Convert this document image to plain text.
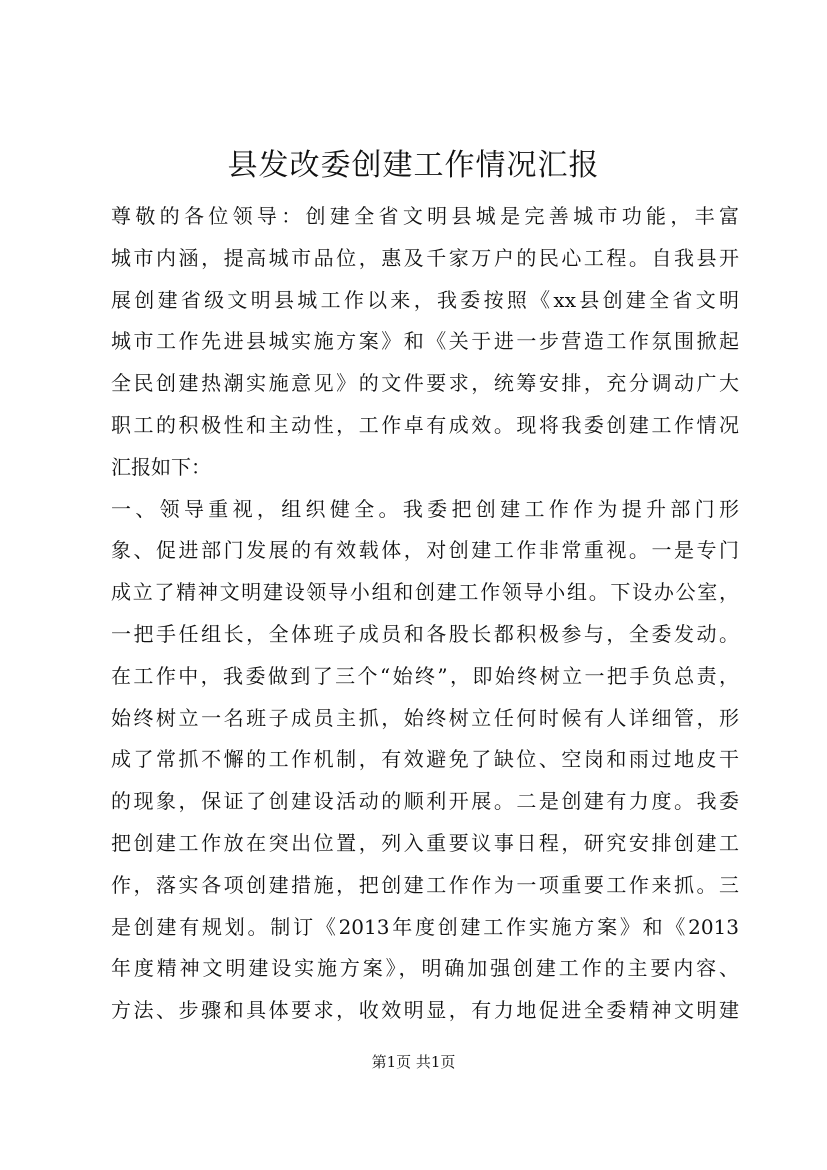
县发改委创建工作情况汇报
尊敬的各位领导：创建全省文明县城是完善城市功能，丰富
城市内涵，提高城市品位，惠及千家万户的民心工程。自我县开
展创建省级文明县城工作以来，我委按照《xx县创建全省文明
城市工作先进县城实施方案》和《关于进一步营造工作氛围掀起
全民创建热潮实施意见》的文件要求，统筹安排，充分调动广大
职工的积极性和主动性，工作卓有成效。现将我委创建工作情况
汇报如下：
一、领导重视，组织健全。我委把创建工作作为提升部门形
象、促进部门发展的有效载体，对创建工作非常重视。一是专门
成立了精神文明建设领导小组和创建工作领导小组。下设办公室，
一把手任组长，全体班子成员和各股长都积极参与，全委发动。
在工作中，我委做到了三个“始终”，即始终树立一把手负总责，
始终树立一名班子成员主抓，始终树立任何时候有人详细管，形
成了常抓不懈的工作机制，有效避免了缺位、空岗和雨过地皮干
的现象，保证了创建设活动的顺利开展。二是创建有力度。我委
把创建工作放在突出位置，列入重要议事日程，研究安排创建工
作，落实各项创建措施，把创建工作作为一项重要工作来抓。三
是创建有规划。制订《2013年度创建工作实施方案》和《2013
年度精神文明建设实施方案》，明确加强创建工作的主要内容、
方法、步骤和具体要求，收效明显，有力地促进全委精神文明建
第1页 共1页
